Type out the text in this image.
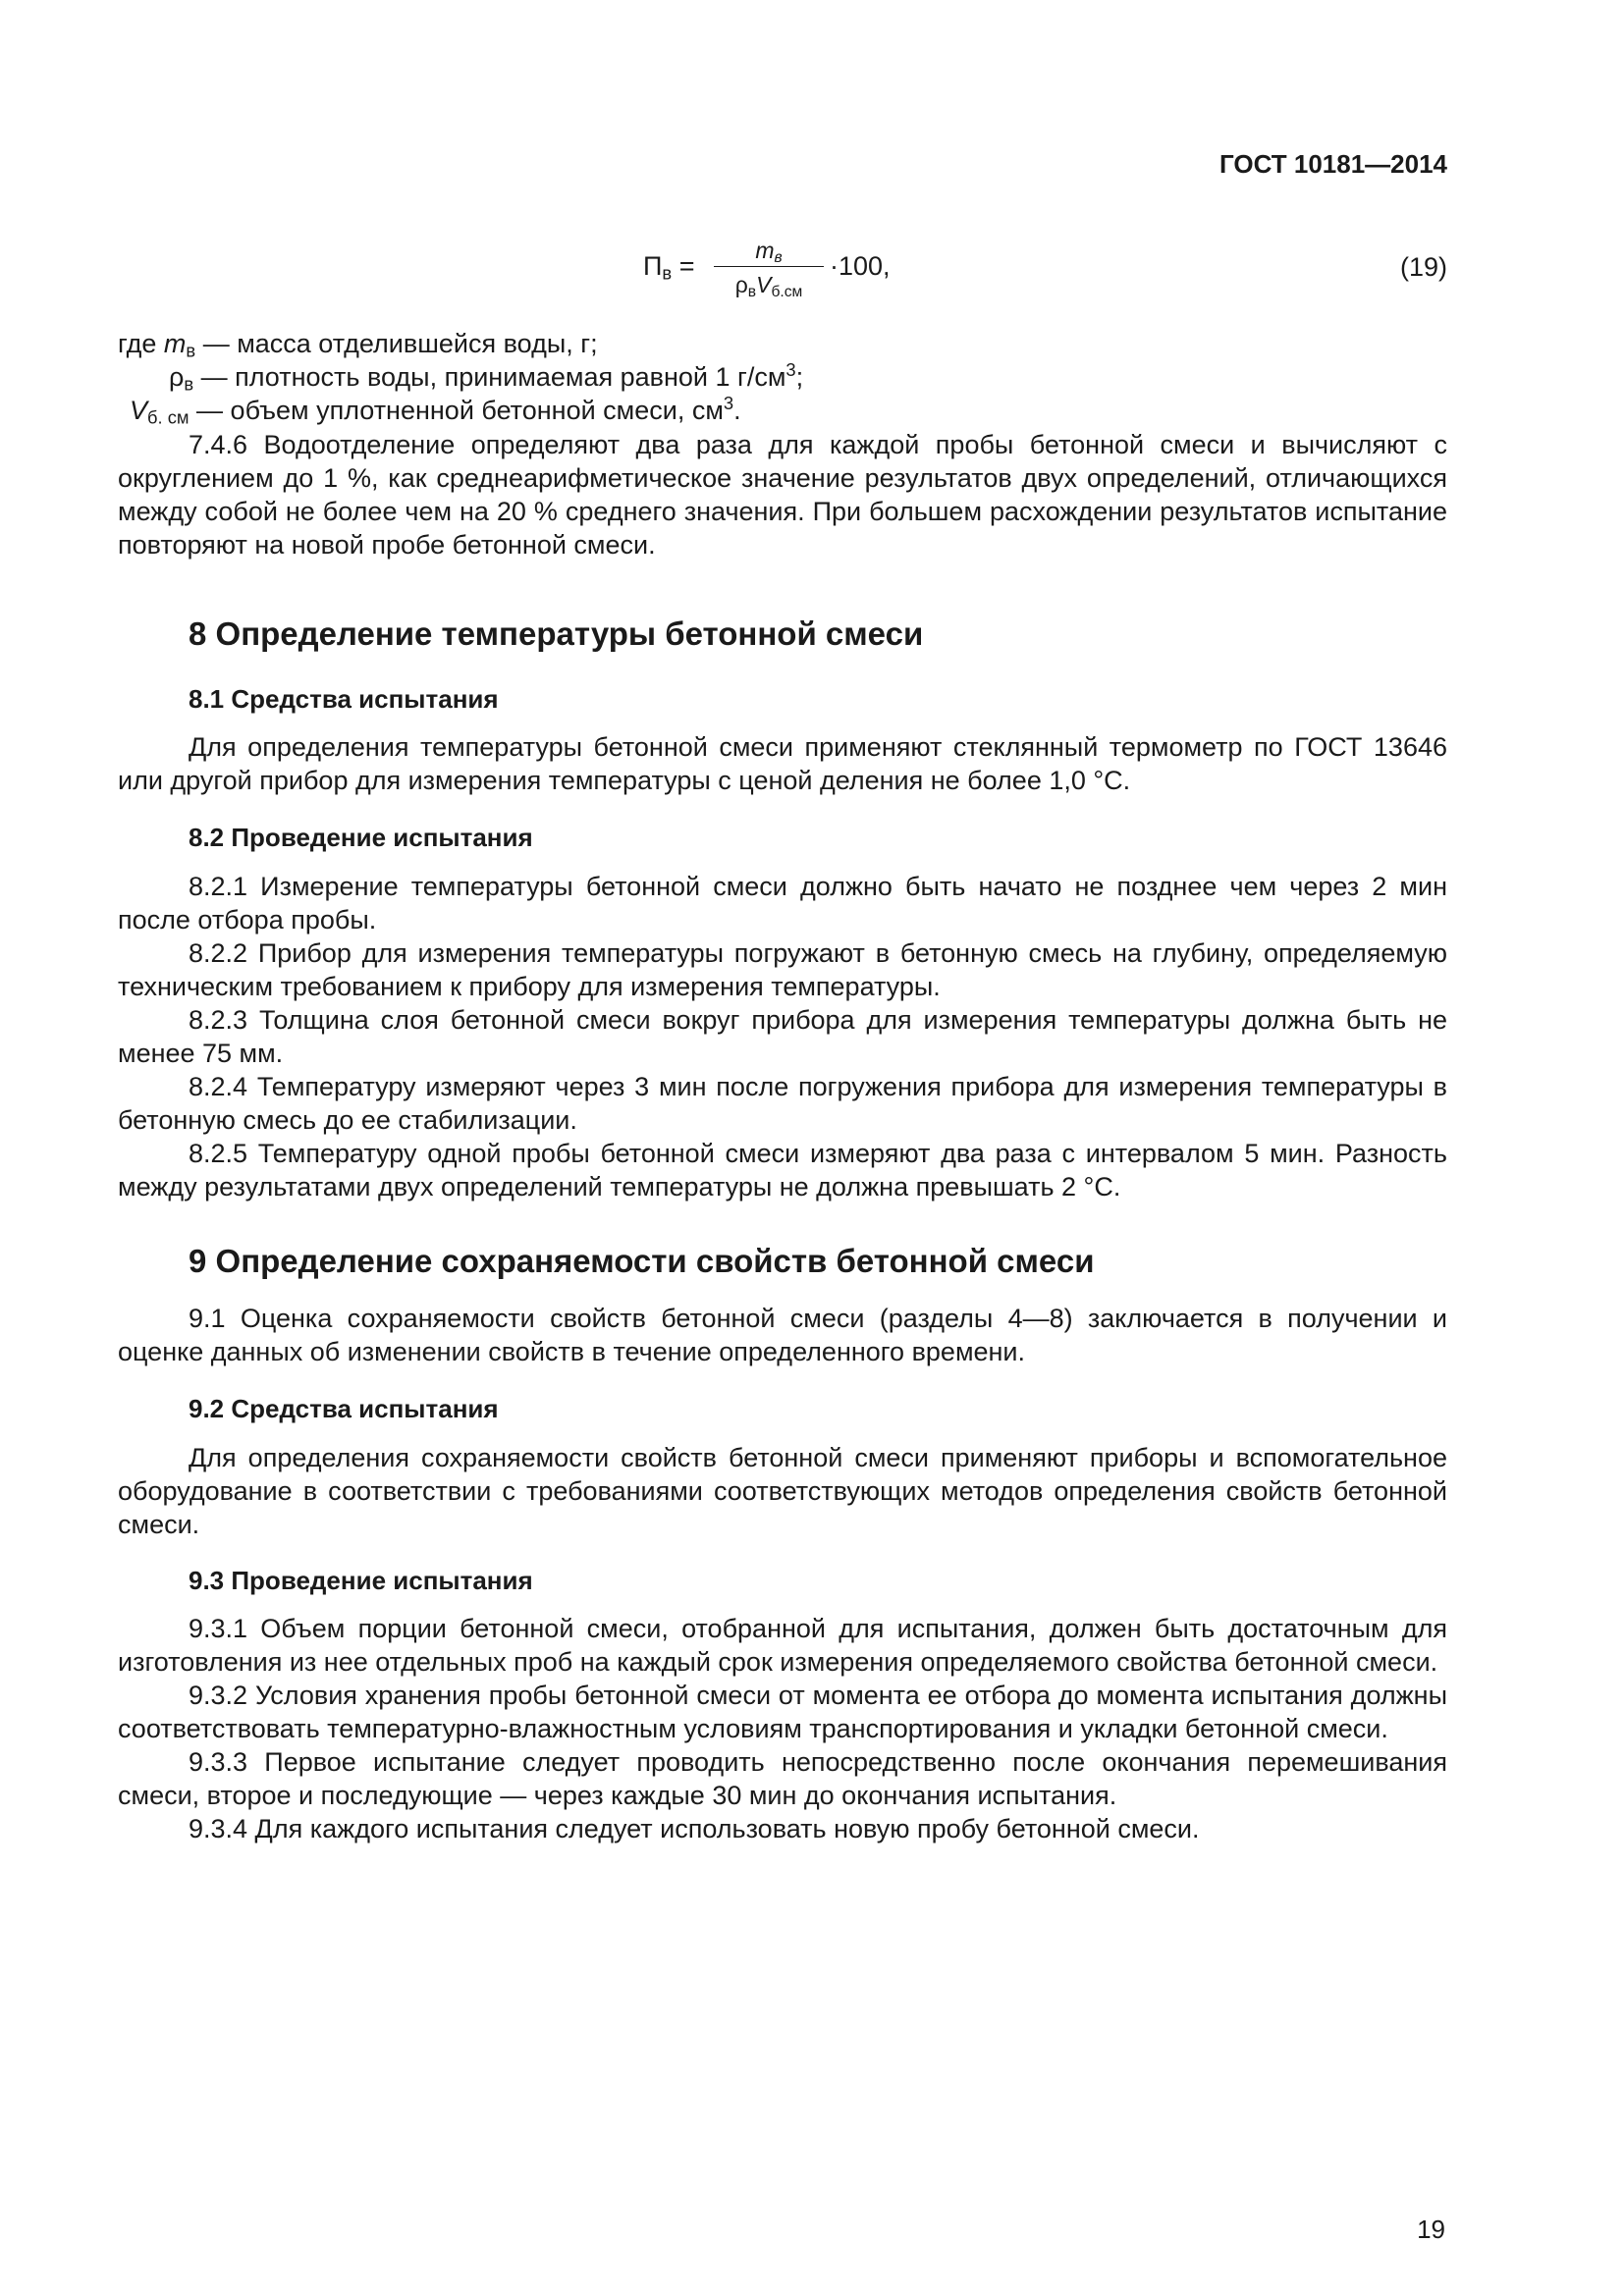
ГОСТ 10181—2014
$П_в$ =
$m_в$
$\rho_вV_{б.см}$
·100,	(19)
где $m_в$ — масса отделившейся воды, г;
$\rho_в$ — плотность воды, принимаемая равной 1 $г/см^3$;
$V_{б. см}$ — объем уплотненной бетонной смеси, $см^3$.

7.4.6 Водоотделение определяют два раза для каждой пробы бетонной смеси и вычисляют с округлением до 1 %, как среднеарифметическое значение результатов двух определений, отличающихся между собой не более чем на 20 % среднего значения. При большем расхождении результатов испытание повторяют на новой пробе бетонной смеси.

8 Определение температуры бетонной смеси
8.1 Средства испытания

Для определения температуры бетонной смеси применяют стеклянный термометр по ГОСТ 13646 или другой прибор для измерения температуры с ценой деления не более 1,0 °С.

8.2 Проведение испытания

8.2.1 Измерение температуры бетонной смеси должно быть начато не позднее чем через 2 мин после отбора пробы.

8.2.2 Прибор для измерения температуры погружают в бетонную смесь на глубину, определяемую техническим требованием к прибору для измерения температуры.

8.2.3 Толщина слоя бетонной смеси вокруг прибора для измерения температуры должна быть не менее 75 мм.

8.2.4 Температуру измеряют через 3 мин после погружения прибора для измерения температуры в бетонную смесь до ее стабилизации.

8.2.5 Температуру одной пробы бетонной смеси измеряют два раза с интервалом 5 мин. Разность между результатами двух определений температуры не должна превышать 2 °С.

9 Определение сохраняемости свойств бетонной смеси

9.1 Оценка сохраняемости свойств бетонной смеси (разделы 4—8) заключается в получении и оценке данных об изменении свойств в течение определенного времени.

9.2 Средства испытания

Для определения сохраняемости свойств бетонной смеси применяют приборы и вспомогательное оборудование в соответствии с требованиями соответствующих методов определения свойств бетонной смеси.

9.3 Проведение испытания

9.3.1 Объем порции бетонной смеси, отобранной для испытания, должен быть достаточным для изготовления из нее отдельных проб на каждый срок измерения определяемого свойства бетонной смеси.

9.3.2 Условия хранения пробы бетонной смеси от момента ее отбора до момента испытания должны соответствовать температурно-влажностным условиям транспортирования и укладки бетонной смеси.

9.3.3 Первое испытание следует проводить непосредственно после окончания перемешивания смеси, второе и последующие — через каждые 30 мин до окончания испытания.

9.3.4 Для каждого испытания следует использовать новую пробу бетонной смеси.

19
